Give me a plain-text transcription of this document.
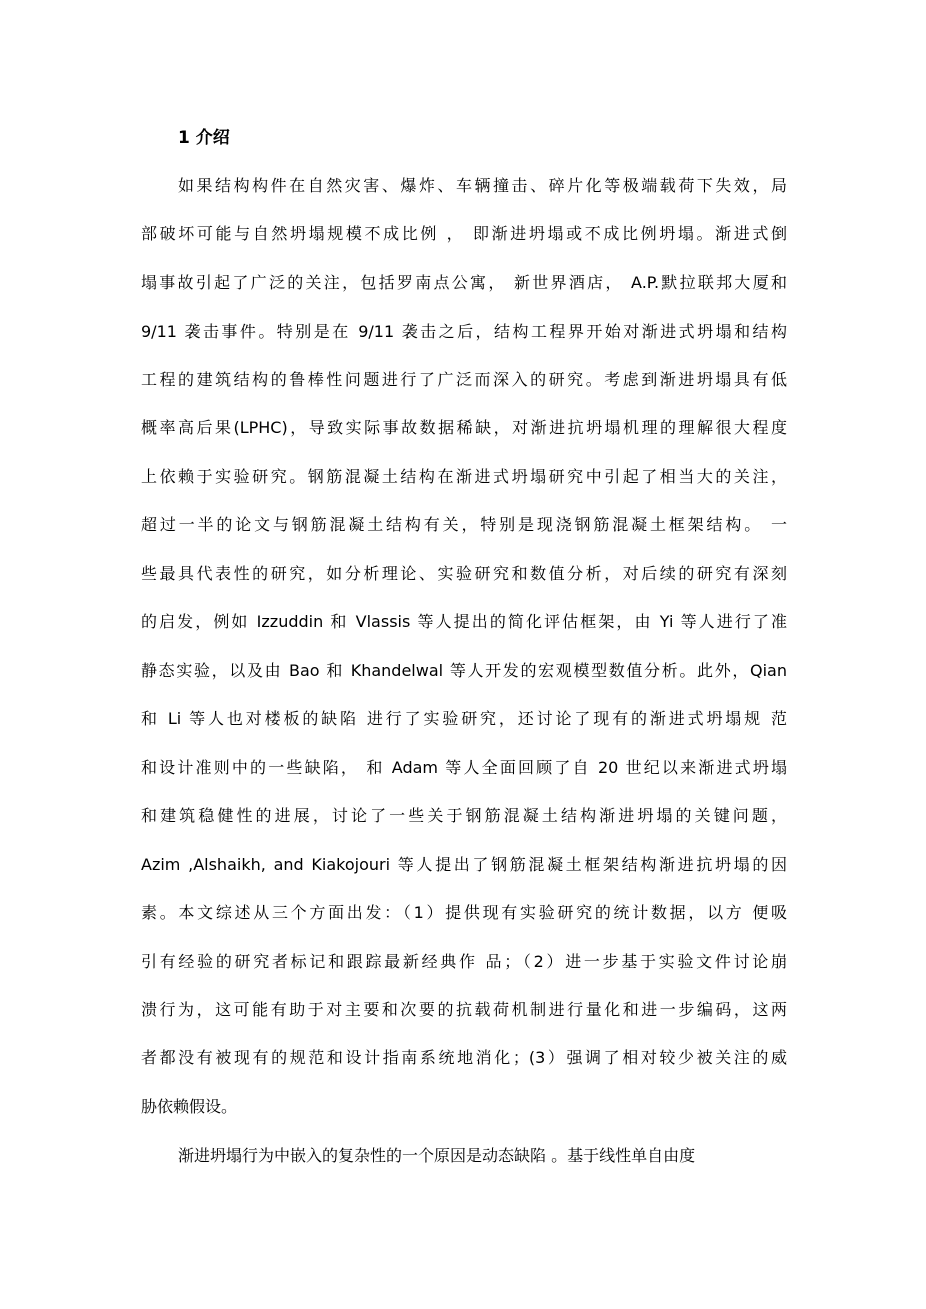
1 介绍
如果结构构件在自然灾害、爆炸、车辆撞击、碎片化等极端载荷下失效，局
部破坏可能与自然坍塌规模不成比例 ， 即渐进坍塌或不成比例坍塌。渐进式倒
塌事故引起了广泛的关注，包括罗南点公寓， 新世界酒店， A.P.默拉联邦大厦和
9/11 袭击事件。特别是在 9/11 袭击之后，结构工程界开始对渐进式坍塌和结构
工程的建筑结构的鲁棒性问题进行了广泛而深入的研究。考虑到渐进坍塌具有低
概率高后果(LPHC)，导致实际事故数据稀缺，对渐进抗坍塌机理的理解很大程度
上依赖于实验研究。钢筋混凝土结构在渐进式坍塌研究中引起了相当大的关注，
超过一半的论文与钢筋混凝土结构有关，特别是现浇钢筋混凝土框架结构。 一
些最具代表性的研究，如分析理论、实验研究和数值分析，对后续的研究有深刻
的启发，例如 Izzuddin 和 Vlassis 等人提出的简化评估框架，由 Yi 等人进行了准
静态实验，以及由 Bao 和 Khandelwal 等人开发的宏观模型数值分析。此外，Qian
和 Li 等人也对楼板的缺陷 进行了实验研究，还讨论了现有的渐进式坍塌规 范
和设计准则中的一些缺陷， 和 Adam 等人全面回顾了自 20 世纪以来渐进式坍塌
和建筑稳健性的进展，讨论了一些关于钢筋混凝土结构渐进坍塌的关键问题，
Azim ,Alshaikh, and Kiakojouri 等人提出了钢筋混凝土框架结构渐进抗坍塌的因
素。本文综述从三个方面出发：（1）提供现有实验研究的统计数据，以方 便吸
引有经验的研究者标记和跟踪最新经典作 品；（2）进一步基于实验文件讨论崩
溃行为，这可能有助于对主要和次要的抗载荷机制进行量化和进一步编码，这两
者都没有被现有的规范和设计指南系统地消化；(3）强调了相对较少被关注的威
胁依赖假设。
渐进坍塌行为中嵌入的复杂性的一个原因是动态缺陷 。基于线性单自由度
